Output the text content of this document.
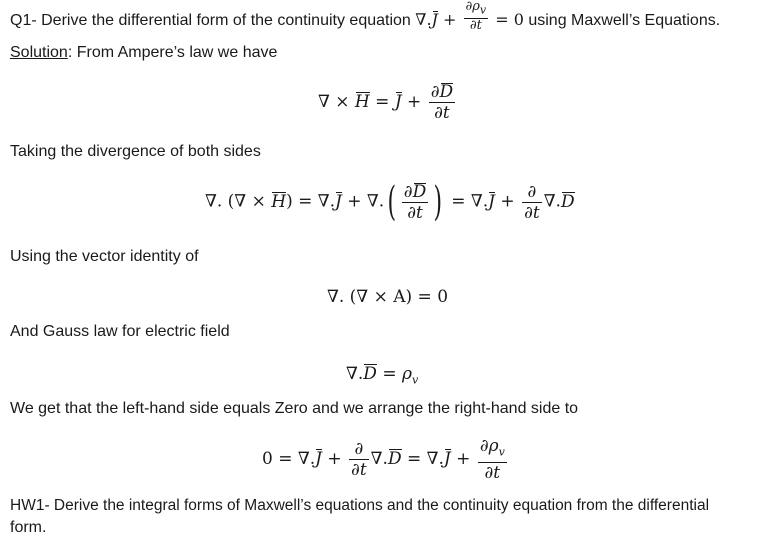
Q1- Derive the differential form of the continuity equation $\nabla.J + \frac{\partial\rho_v}{\partial t} = 0$ using Maxwell’s Equations.
Solution: From Ampere’s law we have
∇ × $H = J + \frac{\partial D}{\partial t}$
Taking the divergence of both sides
∇. (∇ × H) = ∇.J + ∇.( $\frac{\partial D}{\partial t}$ ) = $\nabla.J + \frac{\partial}{\partial t} \nabla.D$
Using the vector identity of
∇. (∇ × A) = 0
And Gauss law for electric field
$\nabla.D = \rho_v$
We get that the left-hand side equals Zero and we arrange the right-hand side to
$0 = \nabla.J + \frac{\partial}{\partial t} \nabla.D = \nabla.J + \frac{\partial\rho_v}{\partial t}$
HW1- Derive the integral forms of Maxwell’s equations and the continuity equation from the differential
form.
